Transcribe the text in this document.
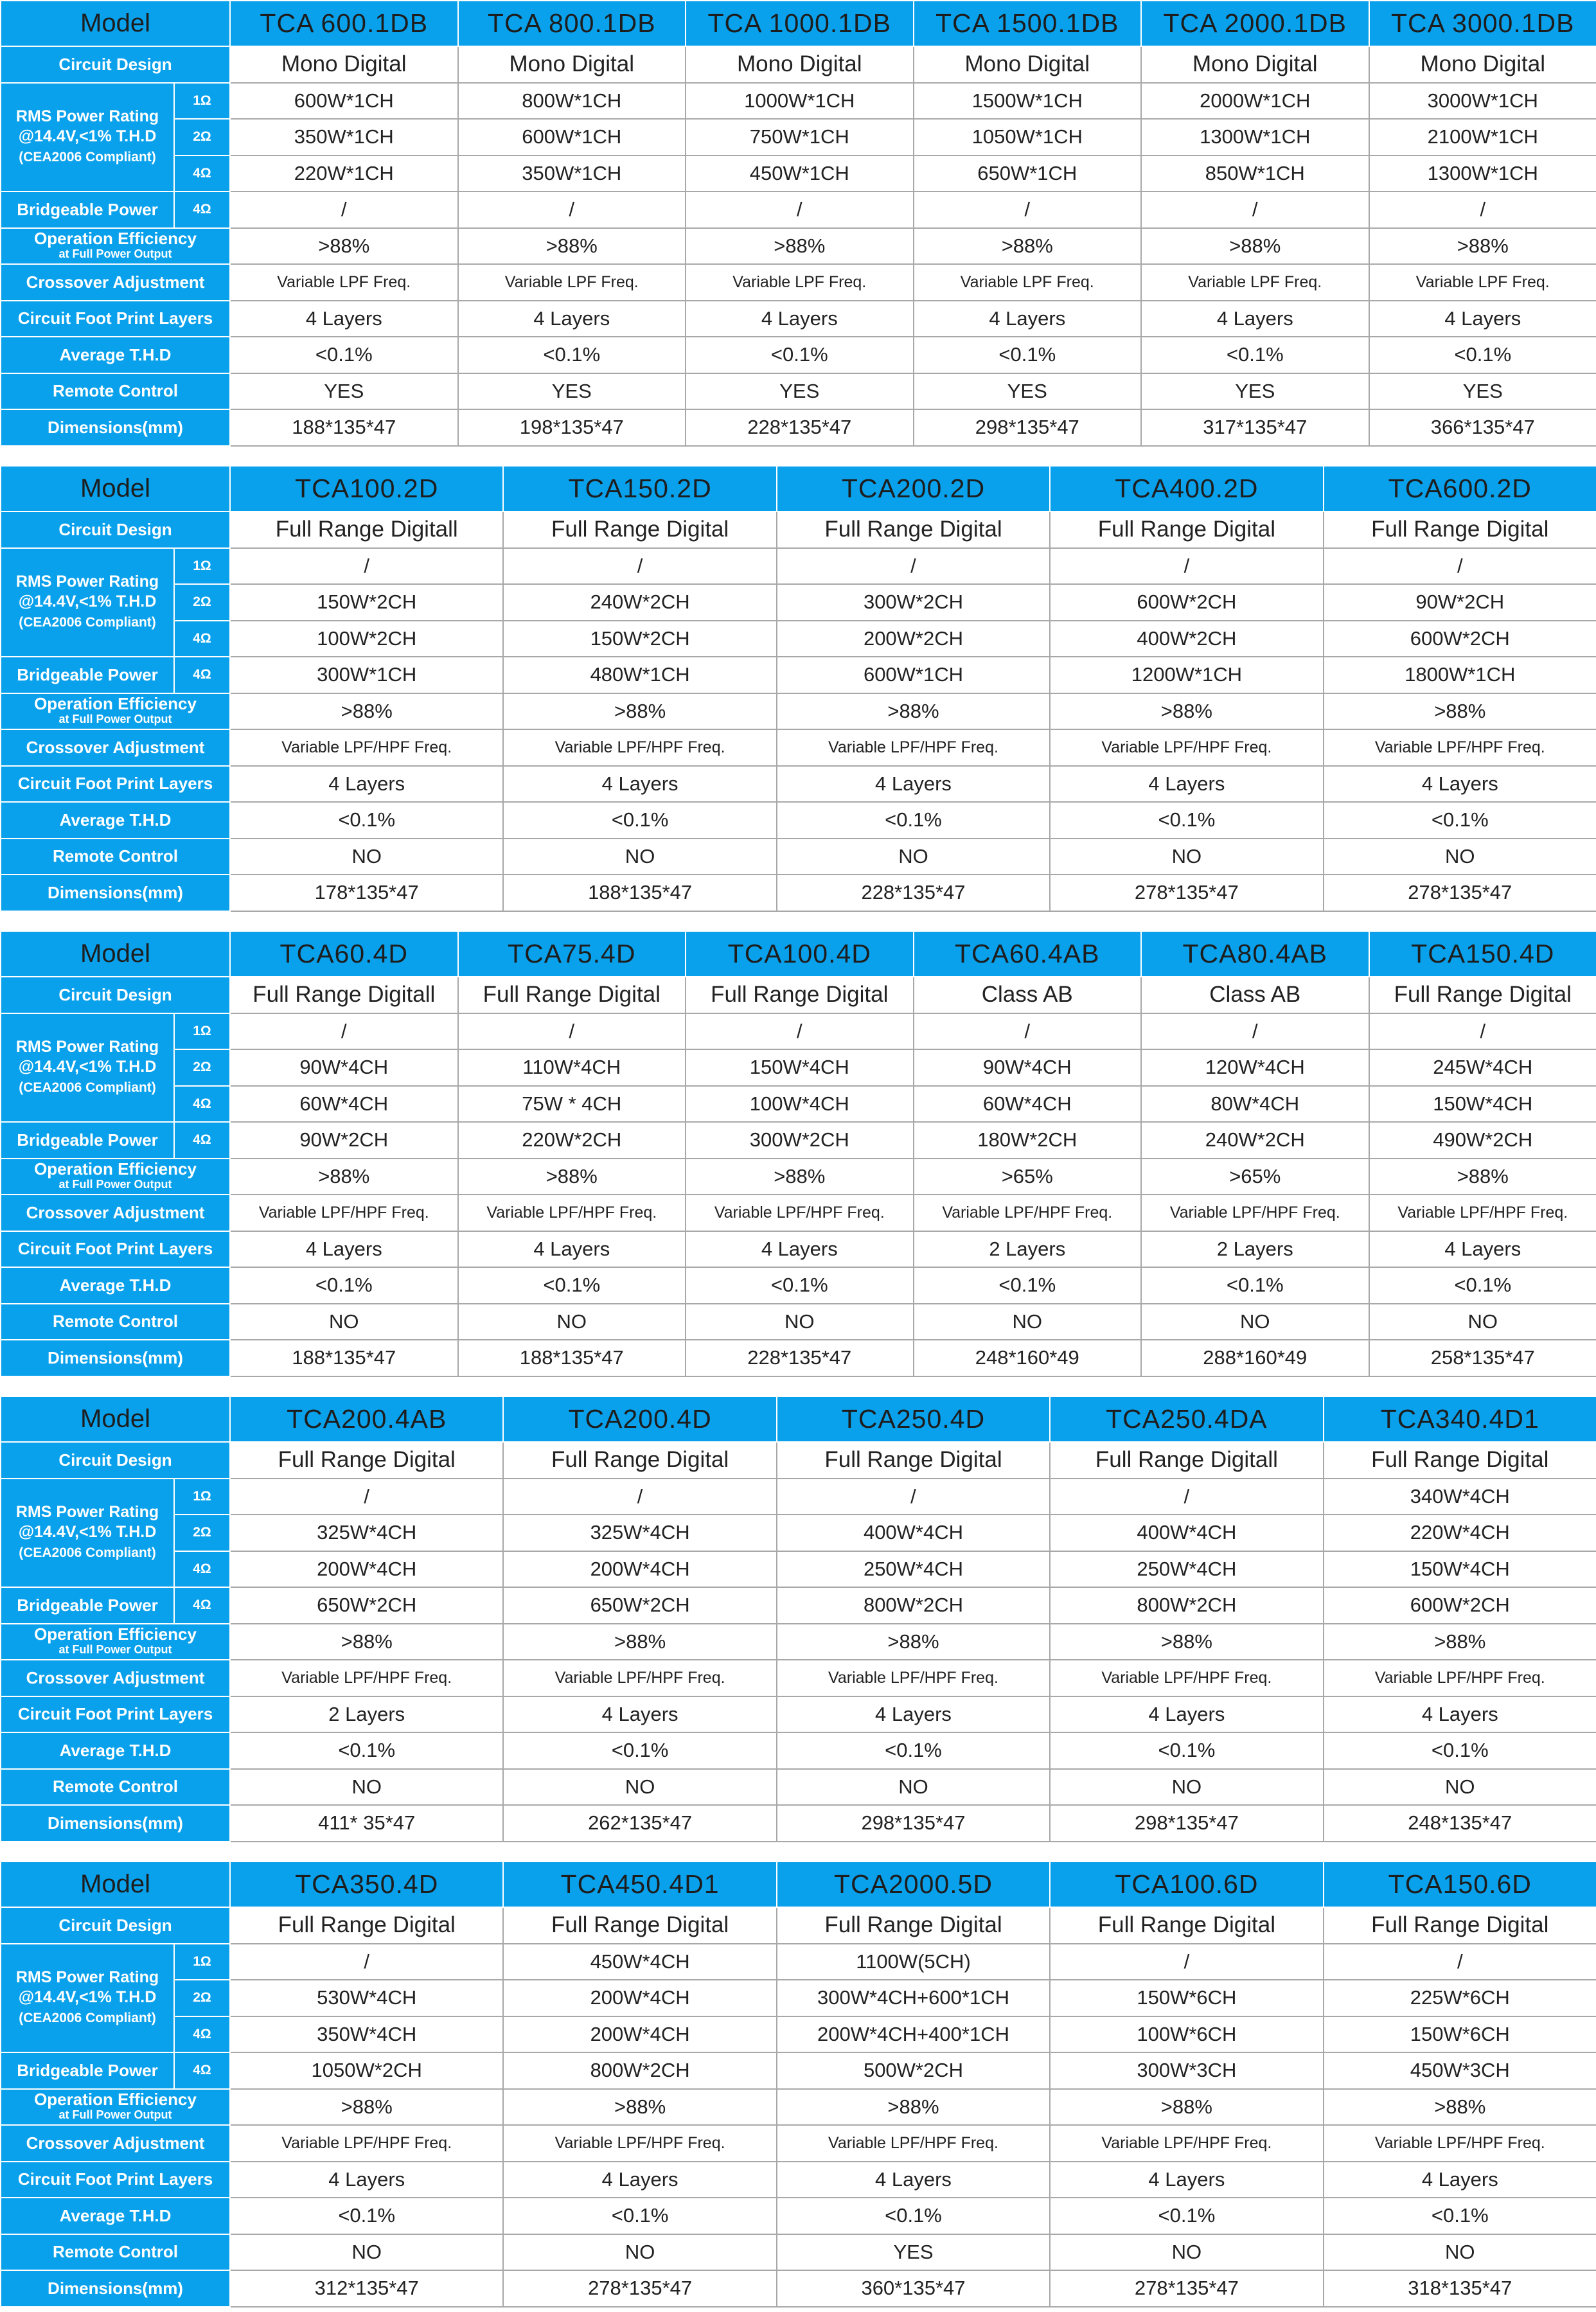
Model		TCA 600.1DB	TCA 800.1DB	TCA 1000.1DB	TCA 1500.1DB	TCA 2000.1DB	TCA 3000.1DB
Circuit Design		Mono Digital	Mono Digital	Mono Digital	Mono Digital	Mono Digital	Mono Digital
RMS Power Rating
@14.4V,<1% T.H.D
(CEA2006 Compliant)	1Ω	600W*1CH	800W*1CH	1000W*1CH	1500W*1CH	2000W*1CH	3000W*1CH
	2Ω	350W*1CH	600W*1CH	750W*1CH	1050W*1CH	1300W*1CH	2100W*1CH
	4Ω	220W*1CH	350W*1CH	450W*1CH	650W*1CH	850W*1CH	1300W*1CH
Bridgeable Power	4Ω	/	/	/	/	/	/
Operation Efficiency
at Full Power Output		>88%	>88%	>88%	>88%	>88%	>88%
Crossover Adjustment		Variable LPF Freq.	Variable LPF Freq.	Variable LPF Freq.	Variable LPF Freq.	Variable LPF Freq.	Variable LPF Freq.
Circuit Foot Print Layers		4 Layers	4 Layers	4 Layers	4 Layers	4 Layers	4 Layers
Average T.H.D		<0.1%	<0.1%	<0.1%	<0.1%	<0.1%	<0.1%
Remote Control		YES	YES	YES	YES	YES	YES
Dimensions(mm)		188*135*47	198*135*47	228*135*47	298*135*47	317*135*47	366*135*47
Model		TCA100.2D	TCA150.2D	TCA200.2D	TCA400.2D	TCA600.2D
Circuit Design		Full Range Digitall	Full Range Digital	Full Range Digital	Full Range Digital	Full Range Digital
RMS Power Rating
@14.4V,<1% T.H.D
(CEA2006 Compliant)	1Ω	/	/	/	/	/
	2Ω	150W*2CH	240W*2CH	300W*2CH	600W*2CH	90W*2CH
	4Ω	100W*2CH	150W*2CH	200W*2CH	400W*2CH	600W*2CH
Bridgeable Power	4Ω	300W*1CH	480W*1CH	600W*1CH	1200W*1CH	1800W*1CH
Operation Efficiency
at Full Power Output		>88%	>88%	>88%	>88%	>88%
Crossover Adjustment		Variable LPF/HPF Freq.	Variable LPF/HPF Freq.	Variable LPF/HPF Freq.	Variable LPF/HPF Freq.	Variable LPF/HPF Freq.
Circuit Foot Print Layers		4 Layers	4 Layers	4 Layers	4 Layers	4 Layers
Average T.H.D		<0.1%	<0.1%	<0.1%	<0.1%	<0.1%
Remote Control		NO	NO	NO	NO	NO
Dimensions(mm)		178*135*47	188*135*47	228*135*47	278*135*47	278*135*47
Model		TCA60.4D	TCA75.4D	TCA100.4D	TCA60.4AB	TCA80.4AB	TCA150.4D
Circuit Design		Full Range Digitall	Full Range Digital	Full Range Digital	Class AB	Class AB	Full Range Digital
RMS Power Rating
@14.4V,<1% T.H.D
(CEA2006 Compliant)	1Ω	/	/	/	/	/	/
	2Ω	90W*4CH	110W*4CH	150W*4CH	90W*4CH	120W*4CH	245W*4CH
	4Ω	60W*4CH	75W * 4CH	100W*4CH	60W*4CH	80W*4CH	150W*4CH
Bridgeable Power	4Ω	90W*2CH	220W*2CH	300W*2CH	180W*2CH	240W*2CH	490W*2CH
Operation Efficiency
at Full Power Output		>88%	>88%	>88%	>65%	>65%	>88%
Crossover Adjustment		Variable LPF/HPF Freq.	Variable LPF/HPF Freq.	Variable LPF/HPF Freq.	Variable LPF/HPF Freq.	Variable LPF/HPF Freq.	Variable LPF/HPF Freq.
Circuit Foot Print Layers		4 Layers	4 Layers	4 Layers	2 Layers	2 Layers	4 Layers
Average T.H.D		<0.1%	<0.1%	<0.1%	<0.1%	<0.1%	<0.1%
Remote Control		NO	NO	NO	NO	NO	NO
Dimensions(mm)		188*135*47	188*135*47	228*135*47	248*160*49	288*160*49	258*135*47
Model		TCA200.4AB	TCA200.4D	TCA250.4D	TCA250.4DA	TCA340.4D1
Circuit Design		Full Range Digital	Full Range Digital	Full Range Digital	Full Range Digitall	Full Range Digital
RMS Power Rating
@14.4V,<1% T.H.D
(CEA2006 Compliant)	1Ω	/	/	/	/	340W*4CH
	2Ω	325W*4CH	325W*4CH	400W*4CH	400W*4CH	220W*4CH
	4Ω	200W*4CH	200W*4CH	250W*4CH	250W*4CH	150W*4CH
Bridgeable Power	4Ω	650W*2CH	650W*2CH	800W*2CH	800W*2CH	600W*2CH
Operation Efficiency
at Full Power Output		>88%	>88%	>88%	>88%	>88%
Crossover Adjustment		Variable LPF/HPF Freq.	Variable LPF/HPF Freq.	Variable LPF/HPF Freq.	Variable LPF/HPF Freq.	Variable LPF/HPF Freq.
Circuit Foot Print Layers		2 Layers	4 Layers	4 Layers	4 Layers	4 Layers
Average T.H.D		<0.1%	<0.1%	<0.1%	<0.1%	<0.1%
Remote Control		NO	NO	NO	NO	NO
Dimensions(mm)		411* 35*47	262*135*47	298*135*47	298*135*47	248*135*47
Model		TCA350.4D	TCA450.4D1	TCA2000.5D	TCA100.6D	TCA150.6D
Circuit Design		Full Range Digital	Full Range Digital	Full Range Digital	Full Range Digital	Full Range Digital
RMS Power Rating
@14.4V,<1% T.H.D
(CEA2006 Compliant)	1Ω	/	450W*4CH	1100W(5CH)	/	/
	2Ω	530W*4CH	200W*4CH	300W*4CH+600*1CH	150W*6CH	225W*6CH
	4Ω	350W*4CH	200W*4CH	200W*4CH+400*1CH	100W*6CH	150W*6CH
Bridgeable Power	4Ω	1050W*2CH	800W*2CH	500W*2CH	300W*3CH	450W*3CH
Operation Efficiency
at Full Power Output		>88%	>88%	>88%	>88%	>88%
Crossover Adjustment		Variable LPF/HPF Freq.	Variable LPF/HPF Freq.	Variable LPF/HPF Freq.	Variable LPF/HPF Freq.	Variable LPF/HPF Freq.
Circuit Foot Print Layers		4 Layers	4 Layers	4 Layers	4 Layers	4 Layers
Average T.H.D		<0.1%	<0.1%	<0.1%	<0.1%	<0.1%
Remote Control		NO	NO	YES	NO	NO
Dimensions(mm)		312*135*47	278*135*47	360*135*47	278*135*47	318*135*47
